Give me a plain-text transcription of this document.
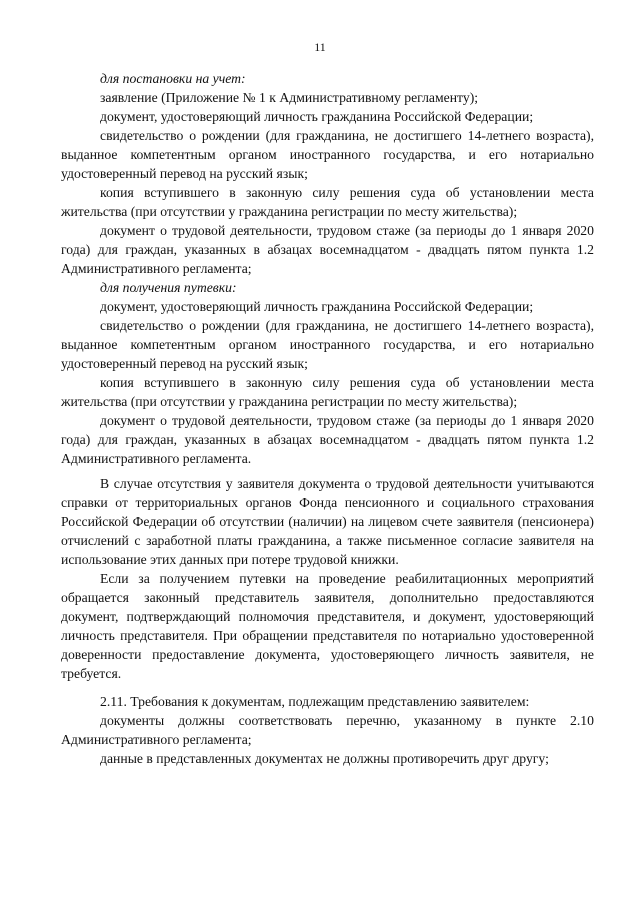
11

для постановки на учет:

заявление (Приложение № 1 к Административному регламенту);

документ, удостоверяющий личность гражданина Российской Федерации;

свидетельство о рождении (для гражданина, не достигшего 14-летнего возраста), выданное компетентным органом иностранного государства, и его нотариально удостоверенный перевод на русский язык;

копия вступившего в законную силу решения суда об установлении места жительства (при отсутствии у гражданина регистрации по месту жительства);

документ о трудовой деятельности, трудовом стаже (за периоды до 1 января 2020 года) для граждан, указанных в абзацах восемнадцатом - двадцать пятом пункта 1.2 Административного регламента;

для получения путевки:

документ, удостоверяющий личность гражданина Российской Федерации;

свидетельство о рождении (для гражданина, не достигшего 14-летнего возраста), выданное компетентным органом иностранного государства, и его нотариально удостоверенный перевод на русский язык;

копия вступившего в законную силу решения суда об установлении места жительства (при отсутствии у гражданина регистрации по месту жительства);

документ о трудовой деятельности, трудовом стаже (за периоды до 1 января 2020 года) для граждан, указанных в абзацах восемнадцатом - двадцать пятом пункта 1.2 Административного регламента.

В случае отсутствия у заявителя документа о трудовой деятельности учитываются справки от территориальных органов Фонда пенсионного и социального страхования Российской Федерации об отсутствии (наличии) на лицевом счете заявителя (пенсионера) отчислений с заработной платы гражданина, а также письменное согласие заявителя на использование этих данных при потере трудовой книжки.

Если за получением путевки на проведение реабилитационных мероприятий обращается законный представитель заявителя, дополнительно предоставляются документ, подтверждающий полномочия представителя, и документ, удостоверяющий личность представителя. При обращении представителя по нотариально удостоверенной доверенности предоставление документа, удостоверяющего личность заявителя, не требуется.

2.11. Требования к документам, подлежащим представлению заявителем:

документы должны соответствовать перечню, указанному в пункте 2.10 Административного регламента;

данные в представленных документах не должны противоречить друг другу;
